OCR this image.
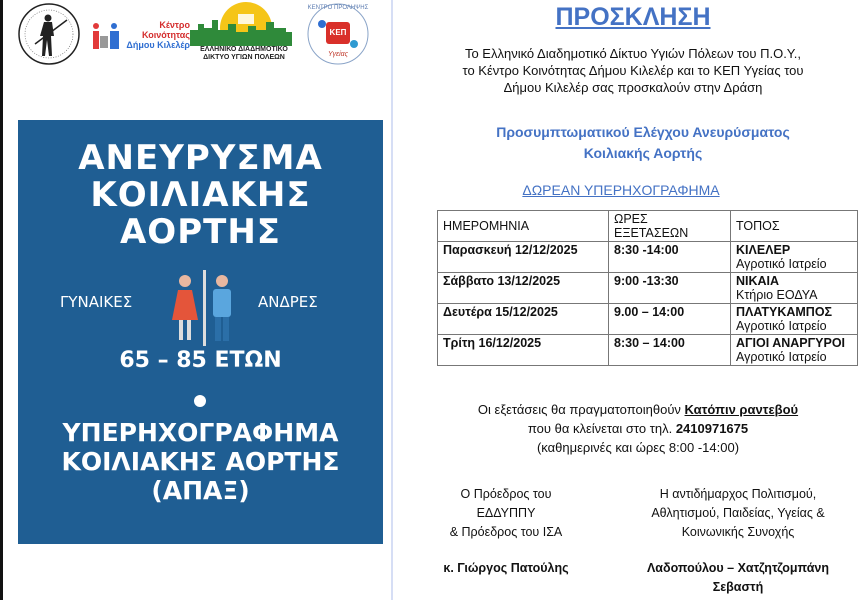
Κέντρο
Κοινότητας
Δήμου Κιλελέρ	ΕΛΛΗΝΙΚΟ ΔΙΑΔΗΜΟΤΙΚΟ
ΔΙΚΤΥΟ ΥΓΙΩΝ ΠΟΛΕΩΝ
ΚΕΠ
ΚΕΝΤΡΟ ΠΡΟΛΗΨΗΣ
Υγείας
ΑΝΕΥΡΥΣΜΑ
ΚΟΙΛΙΑΚΗΣ
ΑΟΡΤΗΣ
ΓΥΝΑΙΚΕΣ	ΑΝΔΡΕΣ
65 – 85 ΕΤΩΝ
ΥΠΕΡΗΧΟΓΡΑΦΗΜΑ
ΚΟΙΛΙΑΚΗΣ ΑΟΡΤΗΣ
(ΑΠΑΞ)
ΠΡΟΣΚΛΗΣΗ
Το Ελληνικό Διαδημοτικό Δίκτυο Υγιών Πόλεων του Π.Ο.Υ.,
το Κέντρο Κοινότητας Δήμου Κιλελέρ και το ΚΕΠ Υγείας του
Δήμου Κιλελέρ σας προσκαλούν στην Δράση
Προσυμπτωματικού Ελέγχου Ανευρύσματος
Κοιλιακής Αορτής
ΔΩΡΕΑΝ ΥΠΕΡΗΧΟΓΡΑΦΗΜΑ
ΗΜΕΡΟΜΗΝΙΑ	ΩΡΕΣ ΕΞΕΤΑΣΕΩΝ	ΤΟΠΟΣ
Παρασκευή 12/12/2025	8:30 -14:00	ΚΙΛΕΛΕΡ
Αγροτικό Ιατρείο
Σάββατο 13/12/2025	9:00 -13:30	ΝΙΚΑΙΑ
Κτήριο ΕΟΔΥΑ
Δευτέρα 15/12/2025	9.00 – 14:00	ΠΛΑΤΥΚΑΜΠΟΣ
Αγροτικό Ιατρείο
Τρίτη 16/12/2025	8:30 – 14:00	ΑΓΙΟΙ ΑΝΑΡΓΥΡΟΙ
Αγροτικό Ιατρείο
Οι εξετάσεις θα πραγματοποιηθούν Κατόπιν ραντεβού
που θα κλείνεται στο τηλ. 2410971675
(καθημερινές και ώρες 8:00 -14:00)
Ο Πρόεδρος του
ΕΔΔΥΠΠΥ
& Πρόεδρος του ΙΣΑ
κ. Γιώργος Πατούλης
Η αντιδήμαρχος Πολιτισμού,
Αθλητισμού, Παιδείας, Υγείας &
Κοινωνικής Συνοχής
Λαδοπούλου – Χατζητζομπάνη
Σεβαστή
